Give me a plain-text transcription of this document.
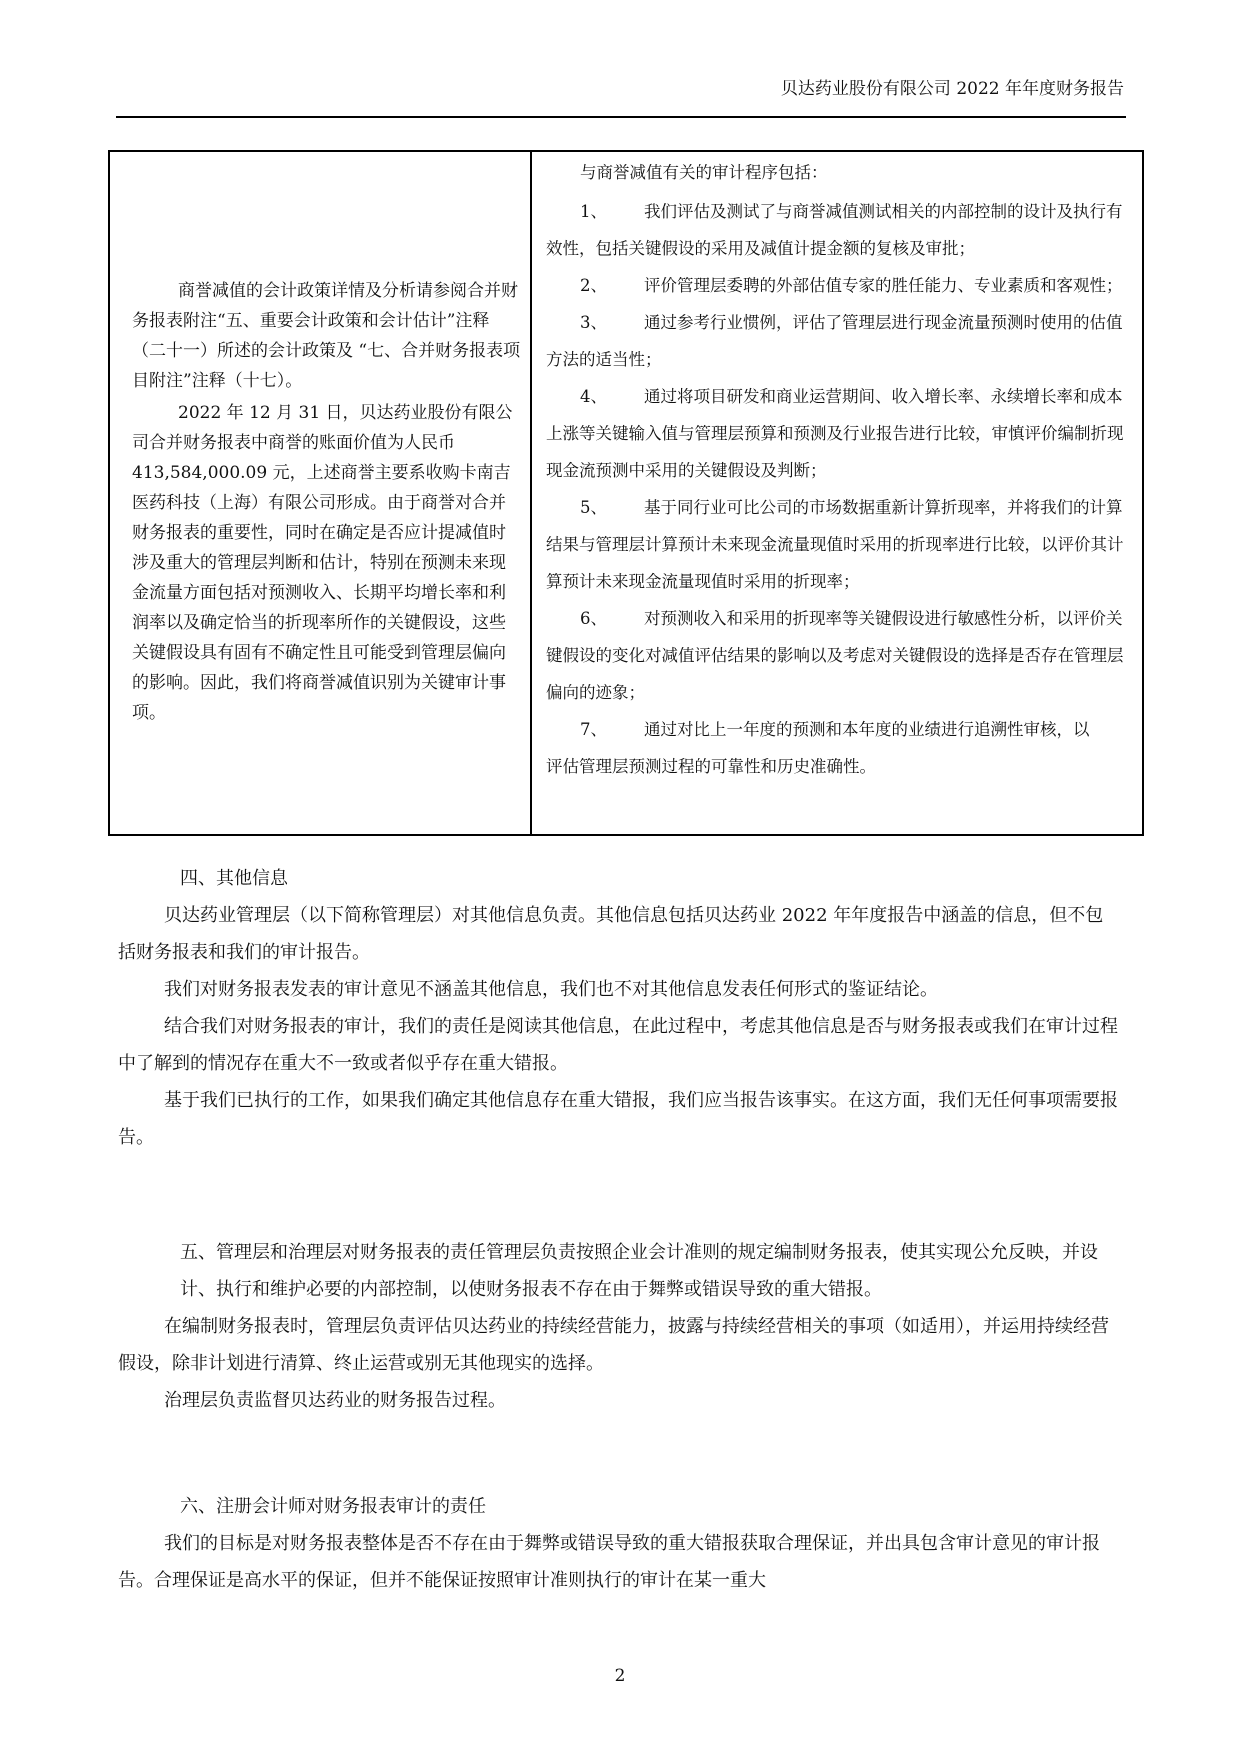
贝达药业股份有限公司 2022 年年度财务报告

商誉减值的会计政策详情及分析请参阅合并财务报表附注“五、重要会计政策和会计估计”注释（二十一）所述的会计政策及 “七、合并财务报表项目附注”注释（十七）。

2022 年 12 月 31 日，贝达药业股份有限公司合并财务报表中商誉的账面价值为人民币 413,584,000.09 元，上述商誉主要系收购卡南吉医药科技（上海）有限公司形成。由于商誉对合并财务报表的重要性，同时在确定是否应计提减值时涉及重大的管理层判断和估计，特别在预测未来现金流量方面包括对预测收入、长期平均增长率和利润率以及确定恰当的折现率所作的关键假设，这些关键假设具有固有不确定性且可能受到管理层偏向的影响。因此，我们将商誉减值识别为关键审计事项。

与商誉减值有关的审计程序包括：

1、 我们评估及测试了与商誉减值测试相关的内部控制的设计及执行有效性，包括关键假设的采用及减值计提金额的复核及审批；

2、 评价管理层委聘的外部估值专家的胜任能力、专业素质和客观性；

3、 通过参考行业惯例，评估了管理层进行现金流量预测时使用的估值方法的适当性；

4、 通过将项目研发和商业运营期间、收入增长率、永续增长率和成本上涨等关键输入值与管理层预算和预测及行业报告进行比较，审慎评价编制折现现金流预测中采用的关键假设及判断；

5、 基于同行业可比公司的市场数据重新计算折现率，并将我们的计算结果与管理层计算预计未来现金流量现值时采用的折现率进行比较，以评价其计算预计未来现金流量现值时采用的折现率；

6、 对预测收入和采用的折现率等关键假设进行敏感性分析，以评价关键假设的变化对减值评估结果的影响以及考虑对关键假设的选择是否存在管理层偏向的迹象；

7、 通过对比上一年度的预测和本年度的业绩进行追溯性审核，以

评估管理层预测过程的可靠性和历史准确性。

四、其他信息

贝达药业管理层（以下简称管理层）对其他信息负责。其他信息包括贝达药业 2022 年年度报告中涵盖的信息，但不包括财务报表和我们的审计报告。

我们对财务报表发表的审计意见不涵盖其他信息，我们也不对其他信息发表任何形式的鉴证结论。

结合我们对财务报表的审计，我们的责任是阅读其他信息，在此过程中，考虑其他信息是否与财务报表或我们在审计过程中了解到的情况存在重大不一致或者似乎存在重大错报。

基于我们已执行的工作，如果我们确定其他信息存在重大错报，我们应当报告该事实。在这方面，我们无任何事项需要报告。

五、管理层和治理层对财务报表的责任管理层负责按照企业会计准则的规定编制财务报表，使其实现公允反映，并设计、执行和维护必要的内部控制，以使财务报表不存在由于舞弊或错误导致的重大错报。

在编制财务报表时，管理层负责评估贝达药业的持续经营能力，披露与持续经营相关的事项（如适用），并运用持续经营假设，除非计划进行清算、终止运营或别无其他现实的选择。

治理层负责监督贝达药业的财务报告过程。

六、注册会计师对财务报表审计的责任

我们的目标是对财务报表整体是否不存在由于舞弊或错误导致的重大错报获取合理保证，并出具包含审计意见的审计报告。合理保证是高水平的保证，但并不能保证按照审计准则执行的审计在某一重大

2
